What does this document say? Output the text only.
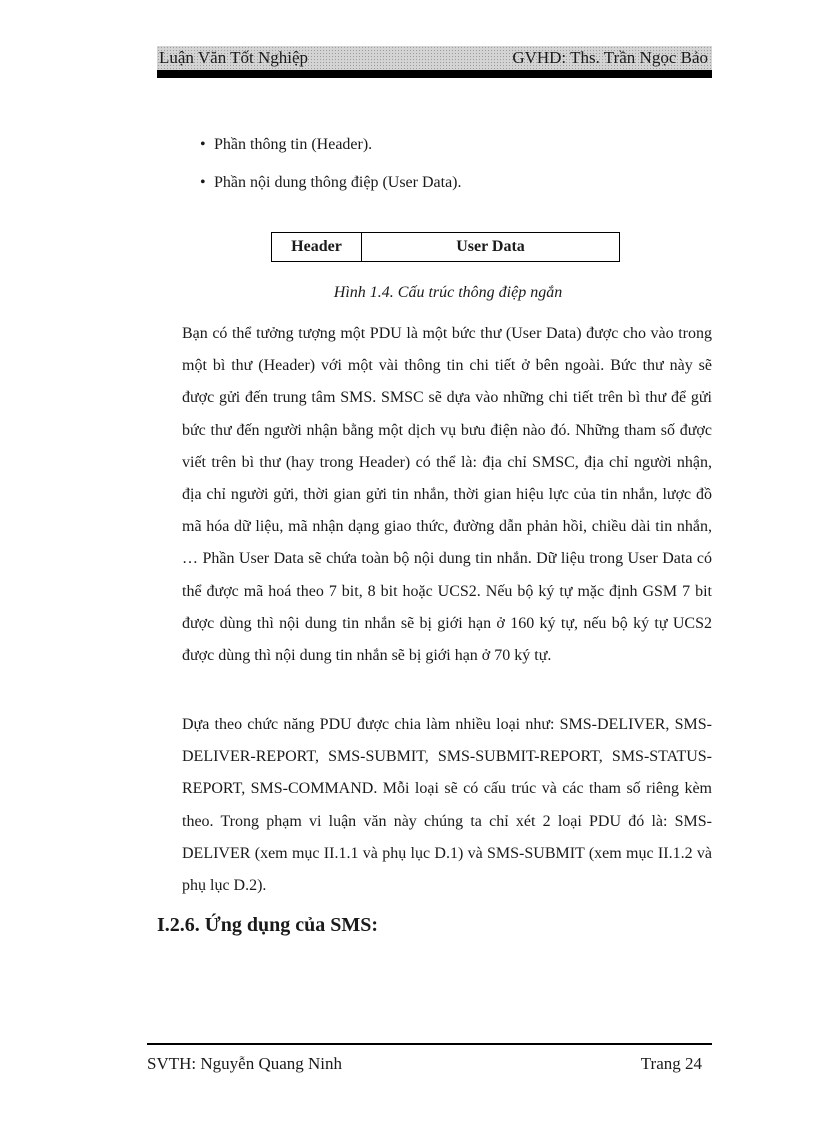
Luận Văn Tốt Nghiệp	GVHD: Ths. Trần Ngọc Bảo
• Phần thông tin (Header).
• Phần nội dung thông điệp (User Data).
Header	User Data
Hình 1.4. Cấu trúc thông điệp ngắn
Bạn có thể tưởng tượng một PDU là một bức thư (User Data) được cho vào trong một bì thư (Header) với một vài thông tin chi tiết ở bên ngoài. Bức thư này sẽ được gửi đến trung tâm SMS. SMSC sẽ dựa vào những chi tiết trên bì thư để gửi bức thư đến người nhận bằng một dịch vụ bưu điện nào đó. Những tham số được viết trên bì thư (hay trong Header) có thể là: địa chỉ SMSC, địa chỉ người nhận, địa chỉ người gửi, thời gian gửi tin nhắn, thời gian hiệu lực của tin nhắn, lược đồ mã hóa dữ liệu, mã nhận dạng giao thức, đường dẫn phản hồi, chiều dài tin nhắn, … Phần User Data sẽ chứa toàn bộ nội dung tin nhắn. Dữ liệu trong User Data có thể được mã hoá theo 7 bit, 8 bit hoặc UCS2. Nếu bộ ký tự mặc định GSM 7 bit được dùng thì nội dung tin nhắn sẽ bị giới hạn ở 160 ký tự, nếu bộ ký tự UCS2 được dùng thì nội dung tin nhắn sẽ bị giới hạn ở 70 ký tự.
Dựa theo chức năng PDU được chia làm nhiều loại như: SMS-DELIVER, SMS-DELIVER-REPORT, SMS-SUBMIT, SMS-SUBMIT-REPORT, SMS-STATUS-REPORT, SMS-COMMAND. Mỗi loại sẽ có cấu trúc và các tham số riêng kèm theo. Trong phạm vi luận văn này chúng ta chỉ xét 2 loại PDU đó là: SMS-DELIVER (xem mục II.1.1 và phụ lục D.1) và SMS-SUBMIT (xem mục II.1.2 và phụ lục D.2).
I.2.6. Ứng dụng của SMS:
SVTH: Nguyễn Quang Ninh	Trang 24
